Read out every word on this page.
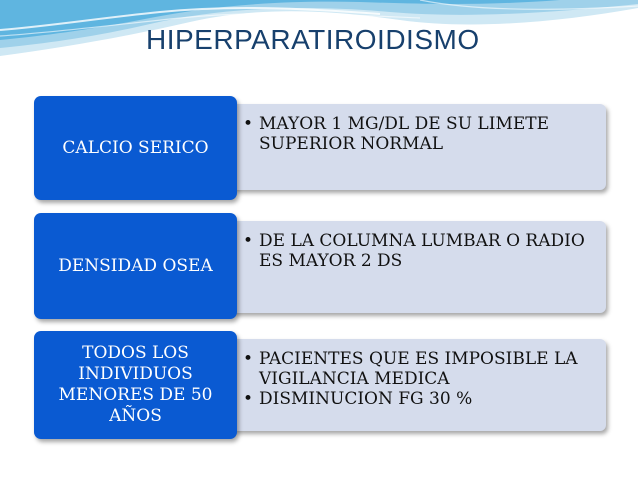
HIPERPARATIROIDISMO
• MAYOR 1 MG/DL DE SU LIMETE SUPERIOR NORMAL
CALCIO SERICO
• DE LA COLUMNA LUMBAR O RADIO ES MAYOR 2 DS
DENSIDAD OSEA
• PACIENTES QUE ES IMPOSIBLE LA VIGILANCIA MEDICA
• DISMINUCION FG 30 %
TODOS LOS INDIVIDUOS MENORES DE 50 AÑOS
